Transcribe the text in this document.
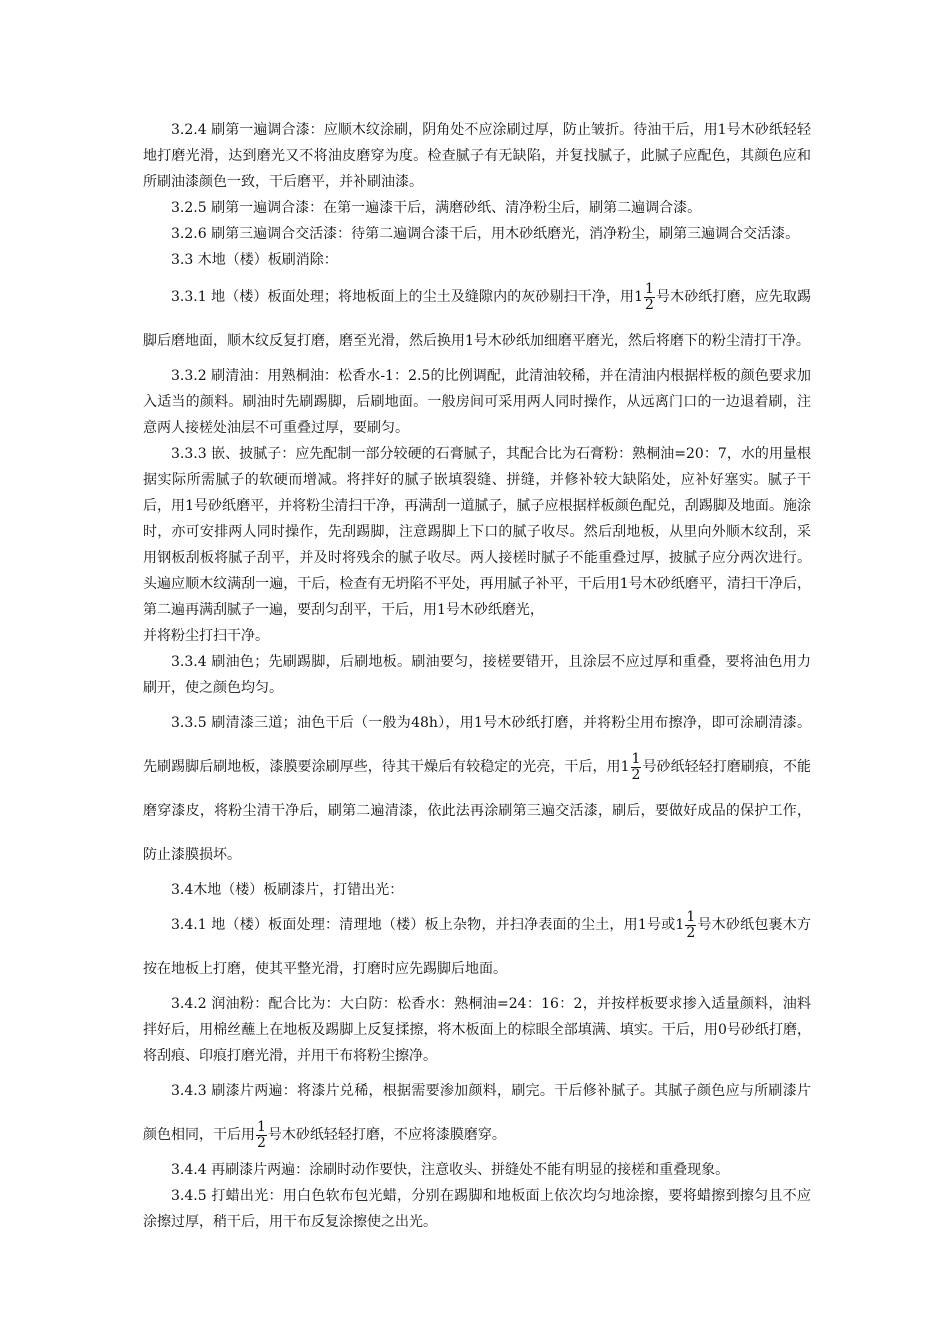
3.2.4 刷第一遍调合漆：应顺木纹涂刷，阴角处不应涂刷过厚，防止皱折。待油干后，用1号木砂纸轻轻地打磨光滑，达到磨光又不将油皮磨穿为度。检查腻子有无缺陷，并复找腻子，此腻子应配色，其颜色应和所刷油漆颜色一致，干后磨平，并补刷油漆。

3.2.5 刷第一遍调合漆：在第一遍漆干后，满磨砂纸、清净粉尘后，刷第二遍调合漆。

3.2.6 刷第三遍调合交活漆：待第二遍调合漆干后，用木砂纸磨光，消净粉尘，刷第三遍调合交活漆。

3.3 木地（楼）板刷消除：

3.3.1 地（楼）板面处理；将地板面上的尘土及缝隙内的灰砂剔扫干净，用$1 \frac{1}{2}$ 号木砂纸打磨，应先取踢脚后磨地面，顺木纹反复打磨，磨至光滑，然后换用1号木砂纸加细磨平磨光，然后将磨下的粉尘清打干净。

3.3.2 刷清油：用熟桐油：松香水-1：2.5的比例调配，此清油较稀，并在清油内根据样板的颜色要求加入适当的颜料。刷油时先刷踢脚，后刷地面。一般房间可采用两人同时操作，从远离门口的一边退着刷，注意两人接槎处油层不可重叠过厚，要刷匀。

3.3.3 嵌、披腻子：应先配制一部分较硬的石膏腻子，其配合比为石膏粉：熟桐油=20：7，水的用量根据实际所需腻子的软硬而增减。将拌好的腻子嵌填裂缝、拼缝，并修补较大缺陷处，应补好塞实。腻子干后，用1号砂纸磨平，并将粉尘清扫干净，再满刮一道腻子，腻子应根据样板颜色配兑，刮踢脚及地面。施涂时，亦可安排两人同时操作，先刮踢脚，注意踢脚上下口的腻子收尽。然后刮地板，从里向外顺木纹刮，采用钢板刮板将腻子刮平，并及时将残余的腻子收尽。两人接槎时腻子不能重叠过厚，披腻子应分两次进行。头遍应顺木纹满刮一遍，干后，检查有无坍陷不平处，再用腻子补平，干后用1号木砂纸磨平，清扫干净后，第二遍再满刮腻子一遍，要刮匀刮平，干后，用1号木砂纸磨光，

并将粉尘打扫干净。

3.3.4 刷油色；先刷踢脚，后刷地板。刷油要匀，接槎要错开，且涂层不应过厚和重叠，要将油色用力刷开，使之颜色均匀。

3.3.5 刷清漆三道；油色干后（一般为48h），用1号木砂纸打磨，并将粉尘用布擦净，即可涂刷清漆。先刷踢脚后刷地板，漆膜要涂刷厚些，待其干燥后有较稳定的光亮，干后，用$1 \frac{1}{2}$ 号砂纸轻轻打磨刷痕，不能磨穿漆皮，将粉尘清干净后，刷第二遍清漆，依此法再涂刷第三遍交活漆，刷后，要做好成品的保护工作，防止漆膜损坏。

3.4木地（楼）板刷漆片，打错出光：

3.4.1 地（楼）板面处理：清理地（楼）板上杂物，并扫净表面的尘土，用1号或$1 \frac{1}{2}$ 号木砂纸包裹木方按在地板上打磨，使其平整光滑，打磨时应先踢脚后地面。

3.4.2 润油粉：配合比为：大白防：松香水：熟桐油=24：16：2，并按样板要求掺入适量颜料，油料拌好后，用棉丝蘸上在地板及踢脚上反复揉擦，将木板面上的棕眼全部填满、填实。干后，用0号砂纸打磨，将刮痕、印痕打磨光滑，并用干布将粉尘擦净。

3.4.3 刷漆片两遍：将漆片兑稀，根据需要渗加颜料，刷完。干后修补腻子。其腻子颜色应与所刷漆片颜色相同，干后用 $\frac{1}{2}$ 号木砂纸轻轻打磨，不应将漆膜磨穿。

3.4.4 再刷漆片两遍：涂刷时动作要快，注意收头、拼缝处不能有明显的接槎和重叠现象。

3.4.5 打蜡出光：用白色软布包光蜡，分别在踢脚和地板面上依次均匀地涂擦，要将蜡擦到擦匀且不应涂擦过厚，稍干后，用干布反复涂擦使之出光。
